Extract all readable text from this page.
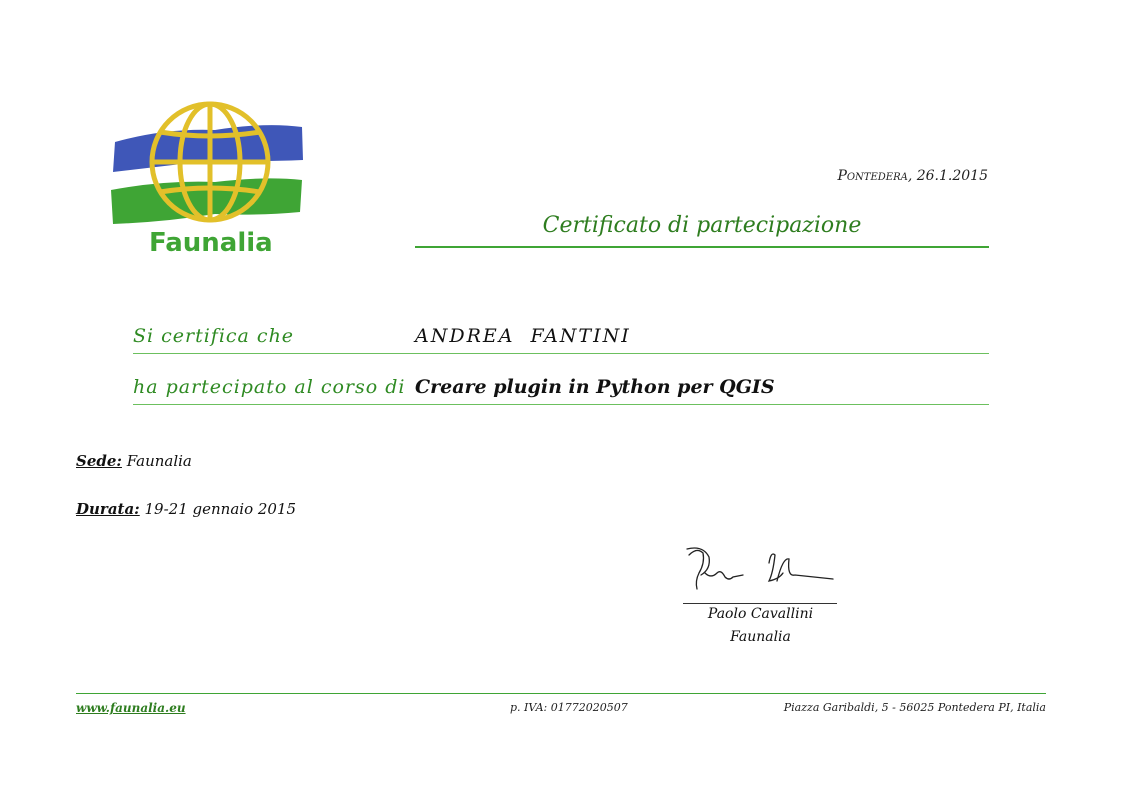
Faunalia
Pontedera, 26.1.2015
Certificato di partecipazione
Si certifica che	ANDREA  FANTINI
ha partecipato al corso di Creare plugin in Python per QGIS
Sede: Faunalia
Durata: 19-21 gennaio 2015
Paolo Cavallini
Faunalia
www.faunalia.eu	p. IVA: 01772020507	Piazza Garibaldi, 5 - 56025 Pontedera PI, Italia
